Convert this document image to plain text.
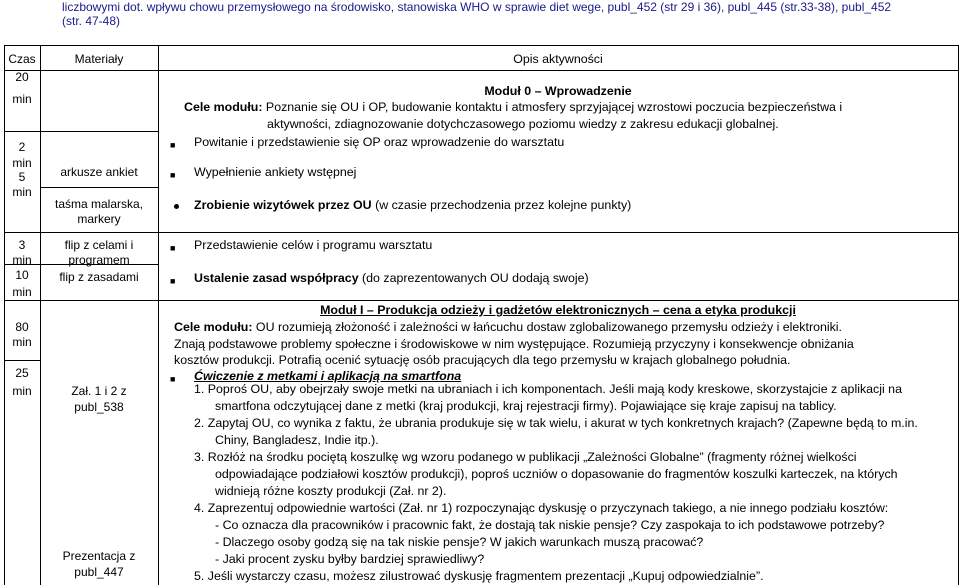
liczbowymi dot. wpływu chowu przemysłowego na środowisko, stanowiska WHO w sprawie diet wege, publ_452 (str 29 i 36), publ_445 (str.33-38), publ_452
(str. 47-48)
Czas	Materiały	Opis aktywności
20
min
2
min
5
min
3
min
10
min
80
min
25
min
arkusze ankiet
taśma malarska,
markery
flip z celami i
programem
flip z zasadami
Zał. 1 i 2 z
publ_538
Prezentacja z
publ_447
Moduł 0 – Wprowadzenie
Cele modułu: Poznanie się OU i OP, budowanie kontaktu i atmosfery sprzyjającej wzrostowi poczucia bezpieczeństwa i
aktywności, zdiagnozowanie dotychczasowego poziomu wiedzy z zakresu edukacji globalnej.
■ Powitanie i przedstawienie się OP oraz wprowadzenie do warsztatu
■ Wypełnienie ankiety wstępnej
Zrobienie wizytówek przez OU (w czasie przechodzenia przez kolejne punkty)
■ Przedstawienie celów i programu warsztatu
■ Ustalenie zasad współpracy (do zaprezentowanych OU dodają swoje)
Moduł I – Produkcja odzieży i gadżetów elektronicznych – cena a etyka produkcji
Cele modułu: OU rozumieją złożoność i zależności w łańcuchu dostaw zglobalizowanego przemysłu odzieży i elektroniki.
Znają podstawowe problemy społeczne i środowiskowe w nim występujące. Rozumieją przyczyny i konsekwencje obniżania
kosztów produkcji. Potrafią ocenić sytuację osób pracujących dla tego przemysłu w krajach globalnego południa.
■ Ćwiczenie z metkami i aplikacją na smartfona
1. Poproś OU, aby obejrzały swoje metki na ubraniach i ich komponentach. Jeśli mają kody kreskowe, skorzystajcie z aplikacji na
smartfona odczytującej dane z metki (kraj produkcji, kraj rejestracji firmy). Pojawiające się kraje zapisuj na tablicy.
2. Zapytaj OU, co wynika z faktu, że ubrania produkuje się w tak wielu, i akurat w tych konkretnych krajach? (Zapewne będą to m.in.
Chiny, Bangladesz, Indie itp.).
3. Rozłóż na środku pociętą koszulkę wg wzoru podanego w publikacji „Zależności Globalne” (fragmenty różnej wielkości
odpowiadające podziałowi kosztów produkcji), poproś uczniów o dopasowanie do fragmentów koszulki karteczek, na których
widnieją różne koszty produkcji (Zał. nr 2).
4. Zaprezentuj odpowiednie wartości (Zał. nr 1) rozpoczynając dyskusję o przyczynach takiego, a nie innego podziału kosztów:
- Co oznacza dla pracowników i pracownic fakt, że dostają tak niskie pensje? Czy zaspokaja to ich podstawowe potrzeby?
- Dlaczego osoby godzą się na tak niskie pensje? W jakich warunkach muszą pracować?
- Jaki procent zysku byłby bardziej sprawiedliwy?
5. Jeśli wystarczy czasu, możesz zilustrować dyskusję fragmentem prezentacji „Kupuj odpowiedzialnie”.
